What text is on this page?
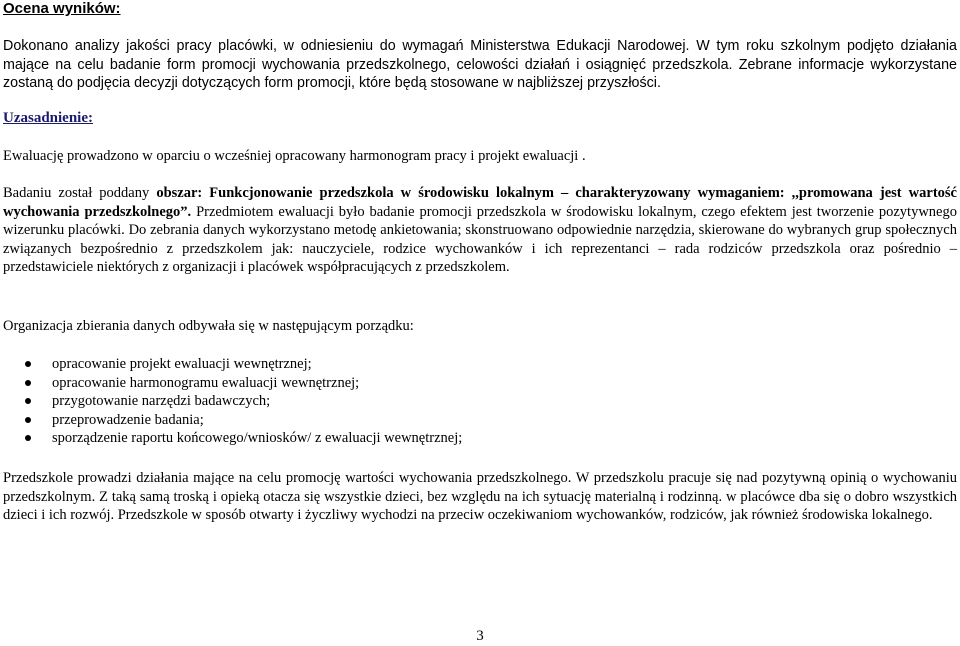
Ocena wyników:

Dokonano analizy jakości pracy placówki, w odniesieniu do wymagań Ministerstwa Edukacji Narodowej. W tym roku szkolnym podjęto działania mające na celu badanie form promocji wychowania przedszkolnego, celowości działań i osiągnięć przedszkola. Zebrane informacje wykorzystane zostaną do podjęcia decyzji dotyczących form promocji, które będą stosowane w najbliższej przyszłości.

Uzasadnienie:

Ewaluację prowadzono w oparciu o wcześniej opracowany harmonogram pracy i projekt ewaluacji .

Badaniu został poddany obszar: Funkcjonowanie przedszkola w środowisku lokalnym – charakteryzowany wymaganiem: ,,promowana jest wartość wychowania przedszkolnego”. Przedmiotem ewaluacji było badanie promocji przedszkola w środowisku lokalnym, czego efektem jest tworzenie pozytywnego wizerunku placówki. Do zebrania danych wykorzystano metodę ankietowania; skonstruowano odpowiednie narzędzia, skierowane do wybranych grup społecznych związanych bezpośrednio z przedszkolem jak: nauczyciele, rodzice wychowanków i ich reprezentanci – rada rodziców przedszkola oraz pośrednio – przedstawiciele niektórych z organizacji i placówek współpracujących z przedszkolem.

Organizacja zbierania danych odbywała się w następującym porządku:

opracowanie projekt ewaluacji wewnętrznej;
opracowanie harmonogramu ewaluacji wewnętrznej;
przygotowanie narzędzi badawczych;
przeprowadzenie badania;
sporządzenie raportu końcowego/wniosków/ z ewaluacji wewnętrznej;

Przedszkole prowadzi działania mające na celu promocję wartości wychowania przedszkolnego. W przedszkolu pracuje się nad pozytywną opinią o wychowaniu przedszkolnym. Z taką samą troską i opieką otacza się wszystkie dzieci, bez względu na ich sytuację materialną i rodzinną. w placówce dba się o dobro wszystkich dzieci i ich rozwój. Przedszkole w sposób otwarty i życzliwy wychodzi na przeciw oczekiwaniom wychowanków, rodziców, jak również środowiska lokalnego.

3
